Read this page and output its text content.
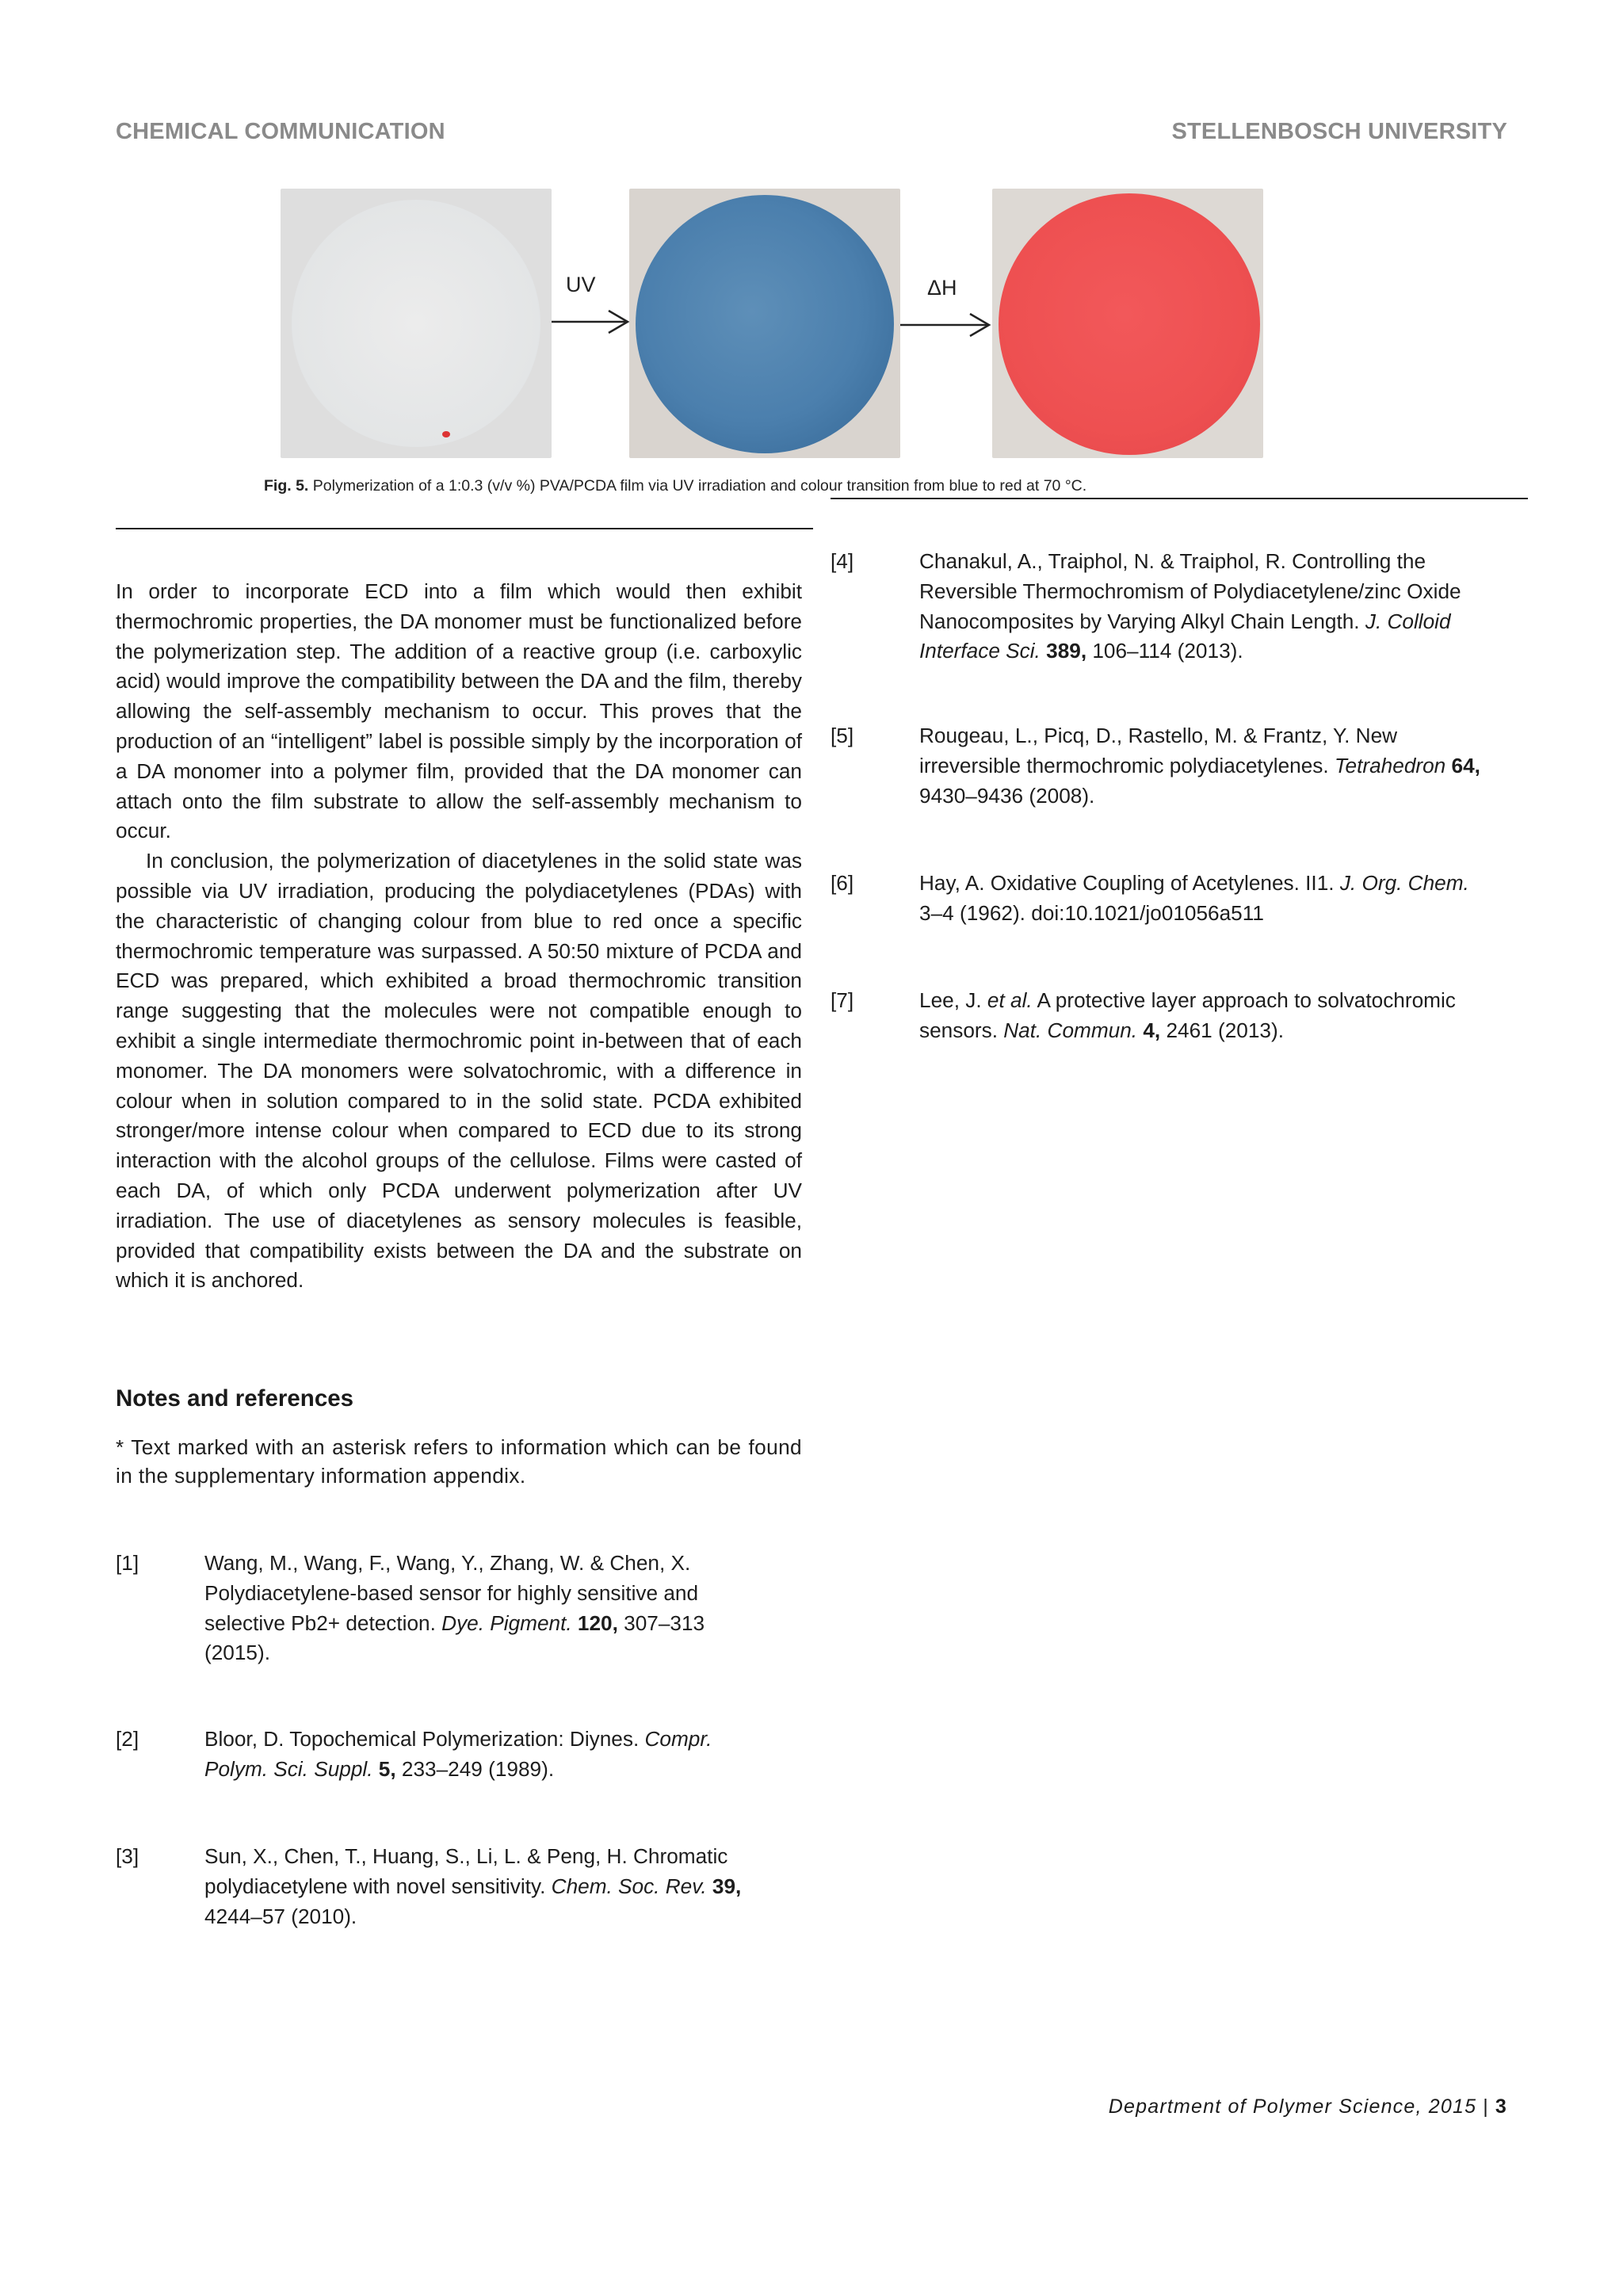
CHEMICAL COMMUNICATION	STELLENBOSCH UNIVERSITY
UV	ΔH
Fig. 5. Polymerization of a 1:0.3 (v/v %) PVA/PCDA film via UV irradiation and colour transition from blue to red at 70 °C.

In order to incorporate ECD into a film which would then exhibit thermochromic properties, the DA monomer must be functionalized before the polymerization step. The addition of a reactive group (i.e. carboxylic acid) would improve the compatibility between the DA and the film, thereby allowing the self-assembly mechanism to occur. This proves that the production of an “intelligent” label is possible simply by the incorporation of a DA monomer into a polymer film, provided that the DA monomer can attach onto the film substrate to allow the self-assembly mechanism to occur.

In conclusion, the polymerization of diacetylenes in the solid state was possible via UV irradiation, producing the polydiacetylenes (PDAs) with the characteristic of changing colour from blue to red once a specific thermochromic temperature was surpassed. A 50:50 mixture of PCDA and ECD was prepared, which exhibited a broad thermochromic transition range suggesting that the molecules were not compatible enough to exhibit a single intermediate thermochromic point in-between that of each monomer. The DA monomers were solvatochromic, with a difference in colour when in solution compared to in the solid state. PCDA exhibited stronger/more intense colour when compared to ECD due to its strong interaction with the alcohol groups of the cellulose. Films were casted of each DA, of which only PCDA underwent polymerization after UV irradiation. The use of diacetylenes as sensory molecules is feasible, provided that compatibility exists between the DA and the substrate on which it is anchored.

Notes and references
* Text marked with an asterisk refers to information which can be found in the supplementary information appendix.
[1]	Wang, M., Wang, F., Wang, Y., Zhang, W. & Chen, X. Polydiacetylene-based sensor for highly sensitive and selective Pb2+ detection. Dye. Pigment. 120, 307–313 (2015).
[2]	Bloor, D. Topochemical Polymerization: Diynes. Compr. Polym. Sci. Suppl. 5, 233–249 (1989).
[3]	Sun, X., Chen, T., Huang, S., Li, L. & Peng, H. Chromatic polydiacetylene with novel sensitivity. Chem. Soc. Rev. 39, 4244–57 (2010).
[4]	Chanakul, A., Traiphol, N. & Traiphol, R. Controlling the Reversible Thermochromism of Polydiacetylene/zinc Oxide Nanocomposites by Varying Alkyl Chain Length. J. Colloid Interface Sci. 389, 106–114 (2013).
[5]	Rougeau, L., Picq, D., Rastello, M. & Frantz, Y. New irreversible thermochromic polydiacetylenes. Tetrahedron 64, 9430–9436 (2008).
[6]	Hay, A. Oxidative Coupling of Acetylenes. II1. J. Org. Chem. 3–4 (1962). doi:10.1021/jo01056a511
[7]	Lee, J. et al. A protective layer approach to solvatochromic sensors. Nat. Commun. 4, 2461 (2013).
Department of Polymer Science, 2015 | 3
